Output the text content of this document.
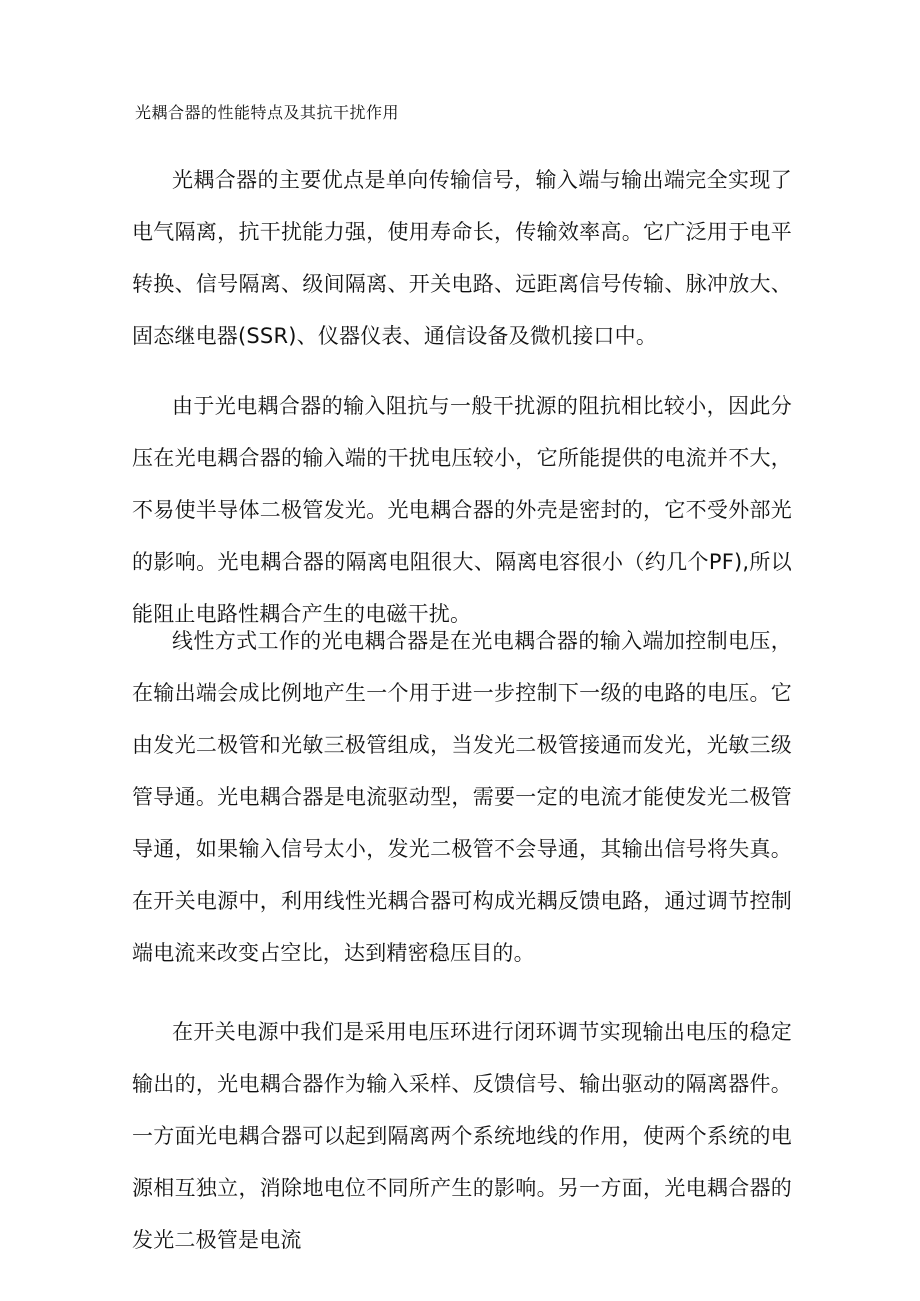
光耦合器的性能特点及其抗干扰作用

光耦合器的主要优点是单向传输信号，输入端与输出端完全实现了电气隔离，抗干扰能力强，使用寿命长，传输效率高。它广泛用于电平转换、信号隔离、级间隔离、开关电路、远距离信号传输、脉冲放大、固态继电器(SSR)、仪器仪表、通信设备及微机接口中。

由于光电耦合器的输入阻抗与一般干扰源的阻抗相比较小，因此分压在光电耦合器的输入端的干扰电压较小，它所能提供的电流并不大，不易使半导体二极管发光。光电耦合器的外壳是密封的，它不受外部光的影响。光电耦合器的隔离电阻很大、隔离电容很小（约几个PF),所以能阻止电路性耦合产生的电磁干扰。

线性方式工作的光电耦合器是在光电耦合器的输入端加控制电压，在输出端会成比例地产生一个用于进一步控制下一级的电路的电压。它由发光二极管和光敏三极管组成，当发光二极管接通而发光，光敏三级管导通。光电耦合器是电流驱动型，需要一定的电流才能使发光二极管导通，如果输入信号太小，发光二极管不会导通，其输出信号将失真。在开关电源中，利用线性光耦合器可构成光耦反馈电路，通过调节控制端电流来改变占空比，达到精密稳压目的。

在开关电源中我们是采用电压环进行闭环调节实现输出电压的稳定输出的，光电耦合器作为输入采样、反馈信号、输出驱动的隔离器件。一方面光电耦合器可以起到隔离两个系统地线的作用，使两个系统的电源相互独立，消除地电位不同所产生的影响。另一方面，光电耦合器的发光二极管是电流
